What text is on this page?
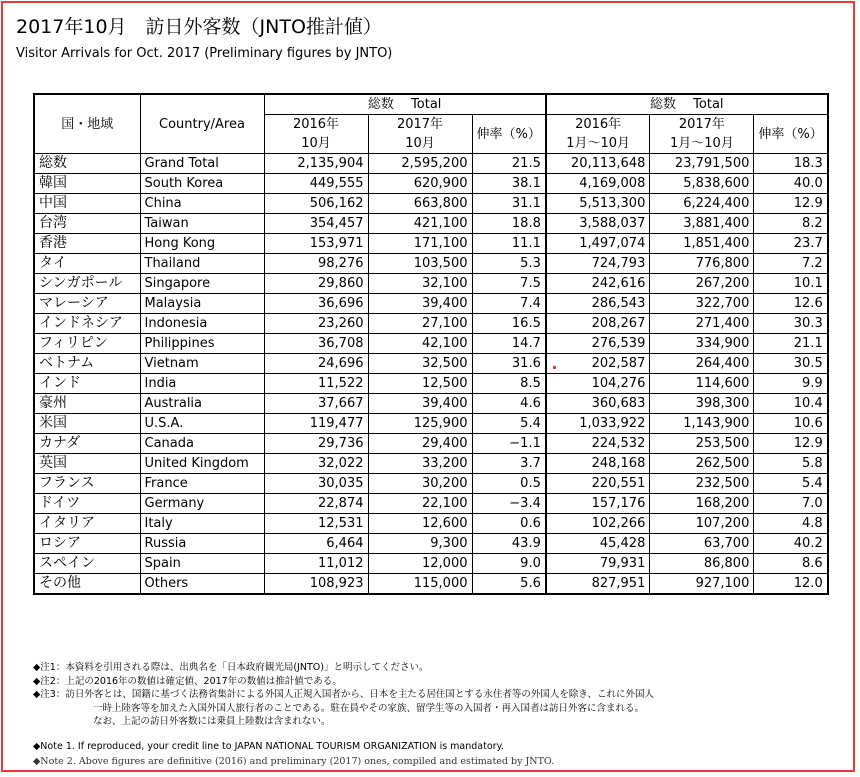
2017年10月　訪日外客数（JNTO推計値）
Visitor Arrivals for Oct. 2017 (Preliminary figures by JNTO)
国・地域	Country/Area	総数　 Total			総数　 Total		
		2016年	2017年	伸率（%）	2016年	2017年	伸率（%）
		10月	10月		1月～10月	1月～10月	
総数	Grand Total	2,135,904	2,595,200	21.5	20,113,648	23,791,500	18.3
韓国	South Korea	449,555	620,900	38.1	4,169,008	5,838,600	40.0
中国	China	506,162	663,800	31.1	5,513,300	6,224,400	12.9
台湾	Taiwan	354,457	421,100	18.8	3,588,037	3,881,400	8.2
香港	Hong Kong	153,971	171,100	11.1	1,497,074	1,851,400	23.7
タイ	Thailand	98,276	103,500	5.3	724,793	776,800	7.2
シンガポール	Singapore	29,860	32,100	7.5	242,616	267,200	10.1
マレーシア	Malaysia	36,696	39,400	7.4	286,543	322,700	12.6
インドネシア	Indonesia	23,260	27,100	16.5	208,267	271,400	30.3
フィリピン	Philippines	36,708	42,100	14.7	276,539	334,900	21.1
ベトナム	Vietnam	24,696	32,500	31.6	202,587	264,400	30.5
インド	India	11,522	12,500	8.5	104,276	114,600	9.9
豪州	Australia	37,667	39,400	4.6	360,683	398,300	10.4
米国	U.S.A.	119,477	125,900	5.4	1,033,922	1,143,900	10.6
カナダ	Canada	29,736	29,400	−1.1	224,532	253,500	12.9
英国	United Kingdom	32,022	33,200	3.7	248,168	262,500	5.8
フランス	France	30,035	30,200	0.5	220,551	232,500	5.4
ドイツ	Germany	22,874	22,100	−3.4	157,176	168,200	7.0
イタリア	Italy	12,531	12,600	0.6	102,266	107,200	4.8
ロシア	Russia	6,464	9,300	43.9	45,428	63,700	40.2
スペイン	Spain	11,012	12,000	9.0	79,931	86,800	8.6
その他	Others	108,923	115,000	5.6	827,951	927,100	12.0
◆注1：本資料を引用される際は、出典名を「日本政府観光局(JNTO)」と明示してください。
◆注2：上記の2016年の数値は確定値、2017年の数値は推計値である。
◆注3：訪日外客とは、国籍に基づく法務省集計による外国人正規入国者から、日本を主たる居住国とする永住者等の外国人を除き、これに外国人
一時上陸客等を加えた入国外国人旅行者のことである。駐在員やその家族、留学生等の入国者・再入国者は訪日外客に含まれる。
なお、上記の訪日外客数には乗員上陸数は含まれない。
◆Note 1. If reproduced, your credit line to JAPAN NATIONAL TOURISM ORGANIZATION is mandatory.
◆Note 2. Above figures are definitive (2016) and preliminary (2017) ones, compiled and estimated by JNTO.
